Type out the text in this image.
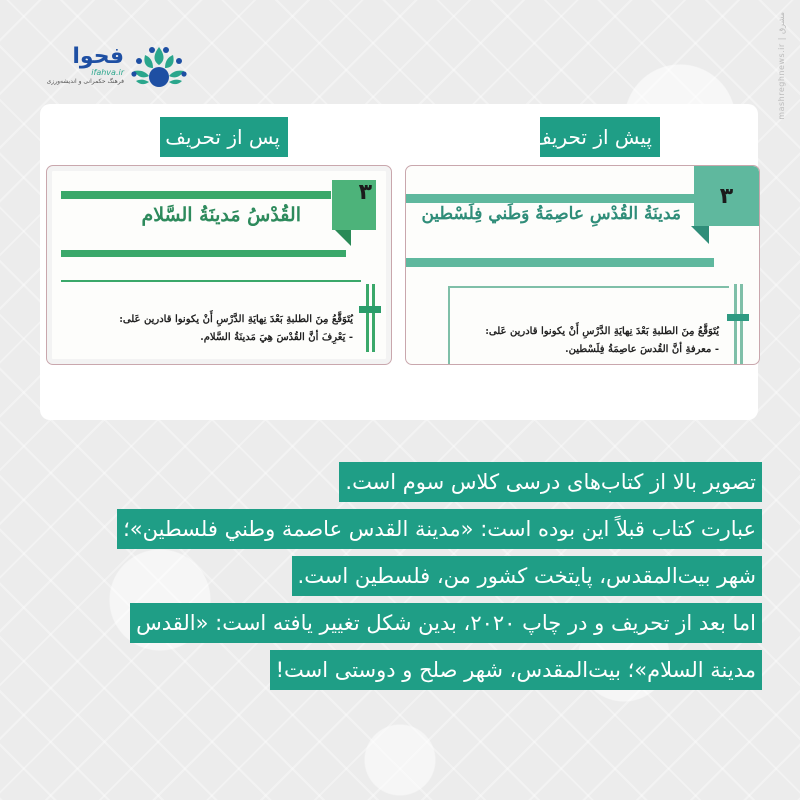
mashreghnews.ir | مشرق
فحوا
ifahva.ir
فرهنگ حکمرانی و اندیشه‌ورزی
پیش از تحریف
پس از تحریف
٣
مَدينَةُ القُدْسِ عاصِمَةُ وَطَني فِلَسْطين
يُتَوَقَّعُ مِنَ الطلبةِ بَعْدَ نِهايَةِ الدَّرْسِ أَنْ يكونوا قادرين عَلى:
- معرفةِ أنَّ القُدسَ عاصِمَةُ فِلَسْطين.
٣
القُدْسُ مَدينَةُ السَّلام
يُتَوَقَّعُ مِنَ الطلبةِ بَعْدَ نِهايَةِ الدَّرْسِ أَنْ يكونوا قادرين عَلى:
- يَعْرِفَ أنَّ القُدْسَ هِيَ مَدينَةُ السَّلام.
تصویر بالا از کتاب‌های درسی کلاس سوم است.
عبارت کتاب قبلاً این بوده است: «مدینة القدس عاصمة وطني فلسطين»؛
شهر بیت‌المقدس، پایتخت کشور من، فلسطین است.
اما بعد از تحریف و در چاپ ۲۰۲۰، بدین شکل تغییر یافته است: «القدس
مدینة السلام»؛ بیت‌المقدس، شهر صلح و دوستی است!
